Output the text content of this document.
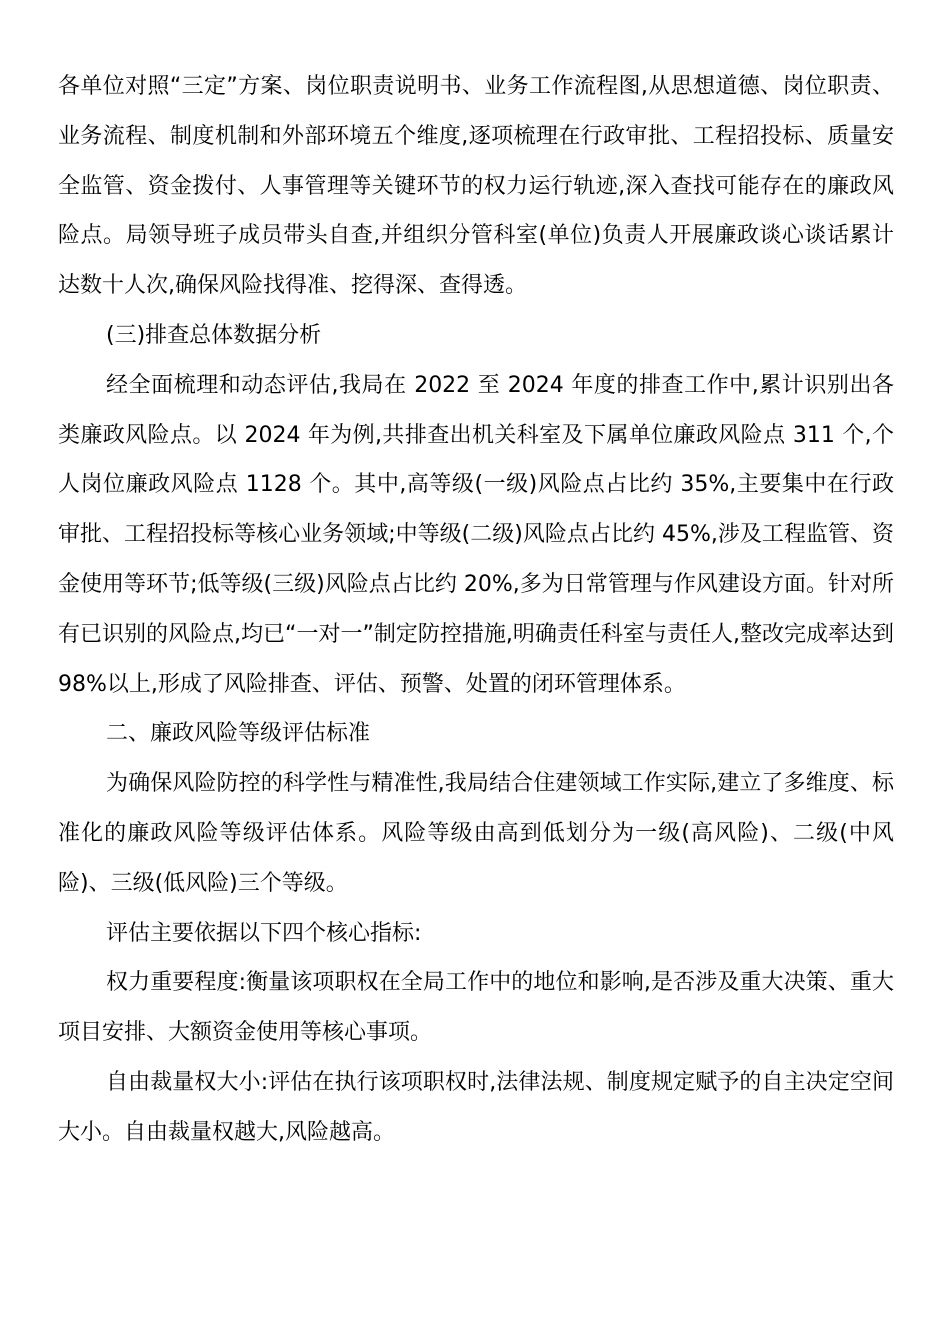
各单位对照“三定”方案、岗位职责说明书、业务工作流程图,从思想道德、岗位职责、业务流程、制度机制和外部环境五个维度,逐项梳理在行政审批、工程招投标、质量安全监管、资金拨付、人事管理等关键环节的权力运行轨迹,深入查找可能存在的廉政风险点。局领导班子成员带头自查,并组织分管科室(单位)负责人开展廉政谈心谈话累计达数十人次,确保风险找得准、挖得深、查得透。

(三)排查总体数据分析

经全面梳理和动态评估,我局在 2022 至 2024 年度的排查工作中,累计识别出各类廉政风险点。以 2024 年为例,共排查出机关科室及下属单位廉政风险点 311 个,个人岗位廉政风险点 1128 个。其中,高等级(一级)风险点占比约 35%,主要集中在行政审批、工程招投标等核心业务领域;中等级(二级)风险点占比约 45%,涉及工程监管、资金使用等环节;低等级(三级)风险点占比约 20%,多为日常管理与作风建设方面。针对所有已识别的风险点,均已“一对一”制定防控措施,明确责任科室与责任人,整改完成率达到 98%以上,形成了风险排查、评估、预警、处置的闭环管理体系。

二、廉政风险等级评估标准

为确保风险防控的科学性与精准性,我局结合住建领域工作实际,建立了多维度、标准化的廉政风险等级评估体系。风险等级由高到低划分为一级(高风险)、二级(中风险)、三级(低风险)三个等级。

评估主要依据以下四个核心指标:

权力重要程度:衡量该项职权在全局工作中的地位和影响,是否涉及重大决策、重大项目安排、大额资金使用等核心事项。

自由裁量权大小:评估在执行该项职权时,法律法规、制度规定赋予的自主决定空间大小。自由裁量权越大,风险越高。
